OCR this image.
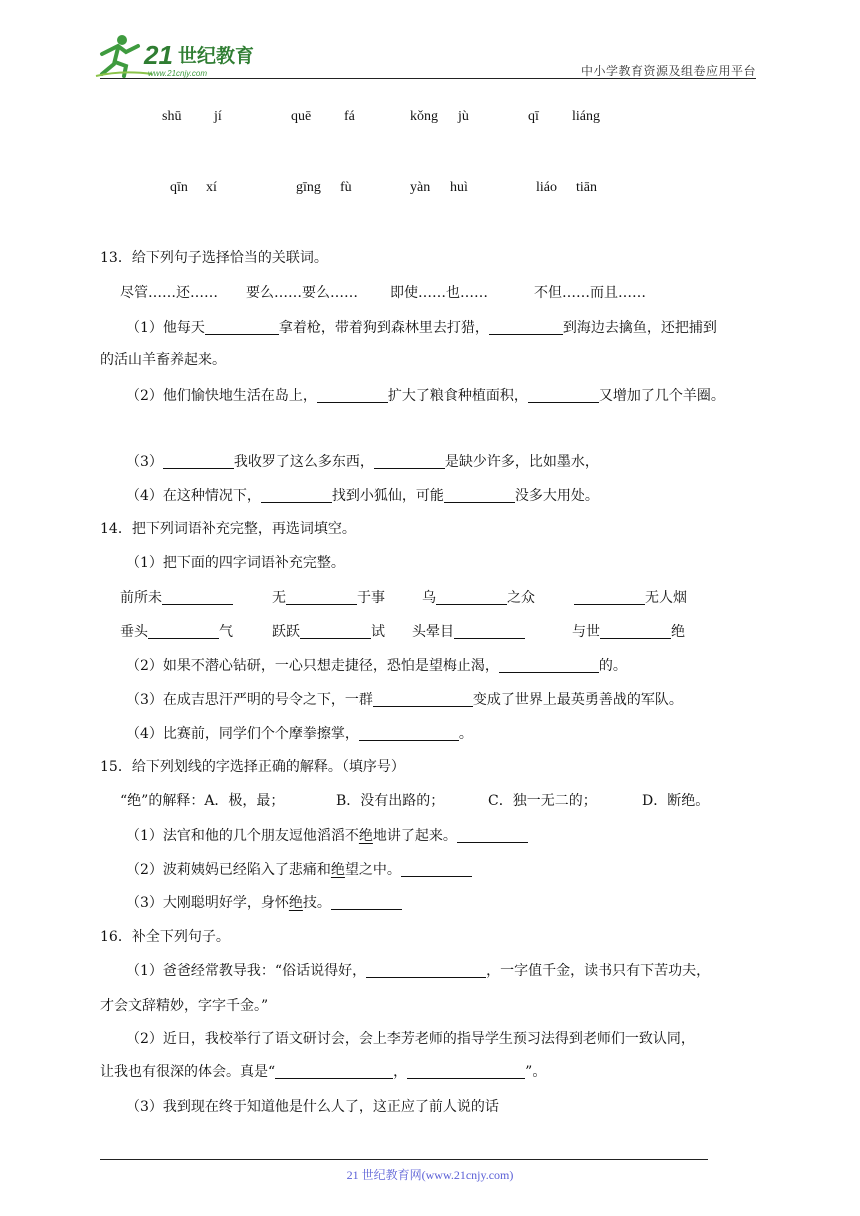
21 世纪教育
www.21cnjy.com	中小学教育资源及组卷应用平台
shū jí	quē fá	kǒng jù	qī liáng
qīn xí	gīng fù	yàn huì	liáo tiān
13．给下列句子选择恰当的关联词。
尽管……还…… 要么……要么…… 即使……也……	不但……而且……
（1）他每天	拿着枪，带着狗到森林里去打猎，	到海边去擒鱼，还把捕到
的活山羊畜养起来。
（2）他们愉快地生活在岛上，	扩大了粮食种植面积，	又增加了几个羊圈。
（3）	我收罗了这么多东西，	是缺少许多，比如墨水，
（4）在这种情况下，	找到小狐仙，可能	没多大用处。
14．把下列词语补充完整，再选词填空。
（1）把下面的四字词语补充完整。
前所未	无	于事	乌	之众	无人烟
垂头	气	跃跃	试 头晕目	与世	绝
（2）如果不潜心钻研，一心只想走捷径，恐怕是望梅止渴，	的。
（3）在成吉思汗严明的号令之下，一群	变成了世界上最英勇善战的军队。
（4）比赛前，同学们个个摩拳擦掌，	。
15．给下列划线的字选择正确的解释。（填序号）
“绝”的解释：A．极，最；	B．没有出路的；	C．独一无二的；	D．断绝。
（1）法官和他的几个朋友逗他滔滔不绝地讲了起来。
（2）波莉姨妈已经陷入了悲痛和绝望之中。
（3）大刚聪明好学，身怀绝技。
16．补全下列句子。
（1）爸爸经常教导我：“俗话说得好，	，一字值千金，读书只有下苦功夫，
才会文辞精妙，字字千金。”
（2）近日，我校举行了语文研讨会，会上李芳老师的指导学生预习法得到老师们一致认同，
让我也有很深的体会。真是“	，	”。
（3）我到现在终于知道他是什么人了，这正应了前人说的话
21 世纪教育网(www.21cnjy.com)
